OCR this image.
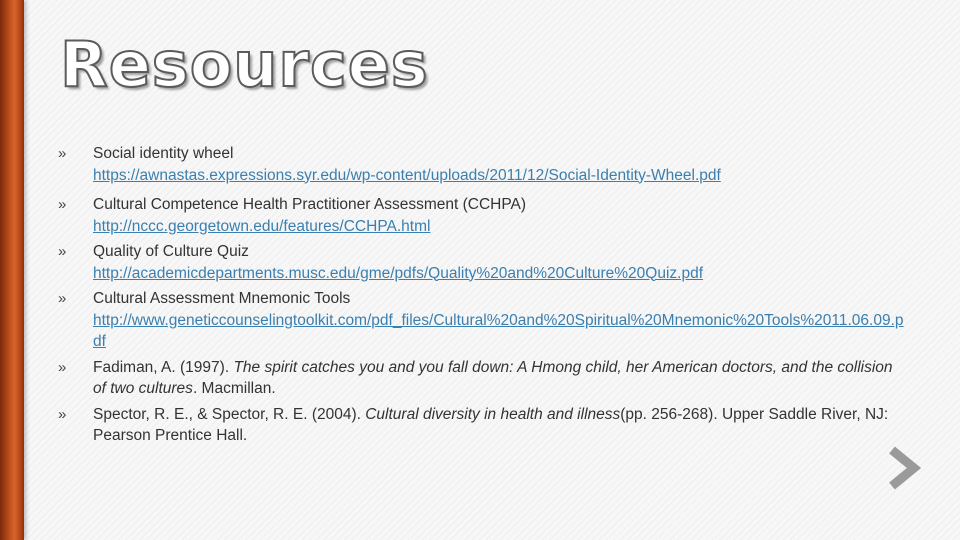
Resources
»	Social identity wheel
https://awnastas.expressions.syr.edu/wp-content/uploads/2011/12/Social-Identity-Wheel.pdf
»	Cultural Competence Health Practitioner Assessment (CCHPA)
http://nccc.georgetown.edu/features/CCHPA.html
»	Quality of Culture Quiz
http://academicdepartments.musc.edu/gme/pdfs/Quality%20and%20Culture%20Quiz.pdf
»	Cultural Assessment Mnemonic Tools
http://www.geneticcounselingtoolkit.com/pdf_files/Cultural%20and%20Spiritual%20Mnemonic%20Tools%2011.06.09.pdf
»	Fadiman, A. (1997). The spirit catches you and you fall down: A Hmong child, her American doctors, and the collision of two cultures. Macmillan.
»	Spector, R. E., & Spector, R. E. (2004). Cultural diversity in health and illness(pp. 256-268). Upper Saddle River, NJ: Pearson Prentice Hall.
